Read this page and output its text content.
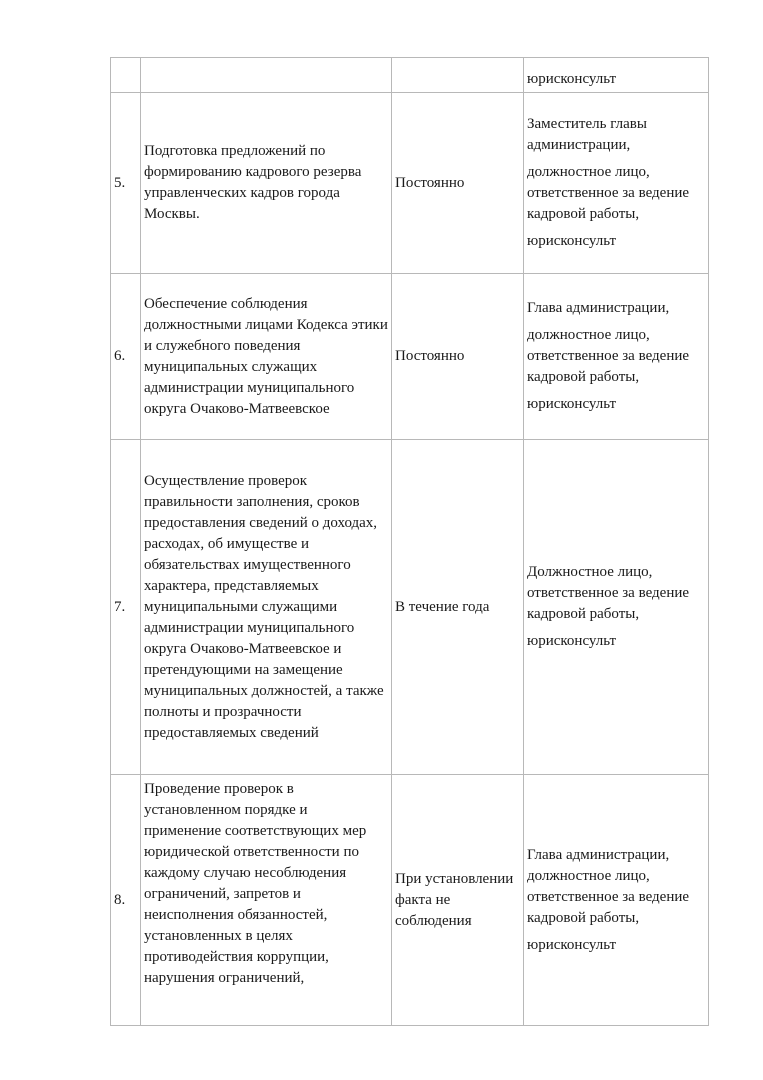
			юрисконсульт

5.	Подготовка предложений по формированию кадрового резерва управленческих кадров города Москвы.	Постоянно	Заместитель главы администрации,

должностное лицо, ответственное за ведение кадровой работы,

юрисконсульт

6.	Обеспечение соблюдения должностными лицами Кодекса этики и служебного поведения муниципальных служащих администрации муниципального округа Очаково-Матвеевское	Постоянно	Глава администрации,

должностное лицо, ответственное за ведение кадровой работы,

юрисконсульт

7.	Осуществление проверок правильности заполнения, сроков предоставления сведений о доходах, расходах, об имуществе и обязательствах имущественного характера, представляемых муниципальными служащими администрации муниципального округа Очаково-Матвеевское и претендующими на замещение муниципальных должностей, а также полноты и прозрачности предоставляемых сведений	В течение года	Должностное лицо, ответственное за ведение кадровой работы,

юрисконсульт

8.	Проведение проверок в установленном порядке и применение соответствующих мер юридической ответственности по каждому случаю несоблюдения ограничений, запретов и неисполнения обязанностей, установленных в целях противодействия коррупции, нарушения ограничений,	При установлении факта не соблюдения	Глава администрации, должностное лицо, ответственное за ведение кадровой работы,

юрисконсульт
